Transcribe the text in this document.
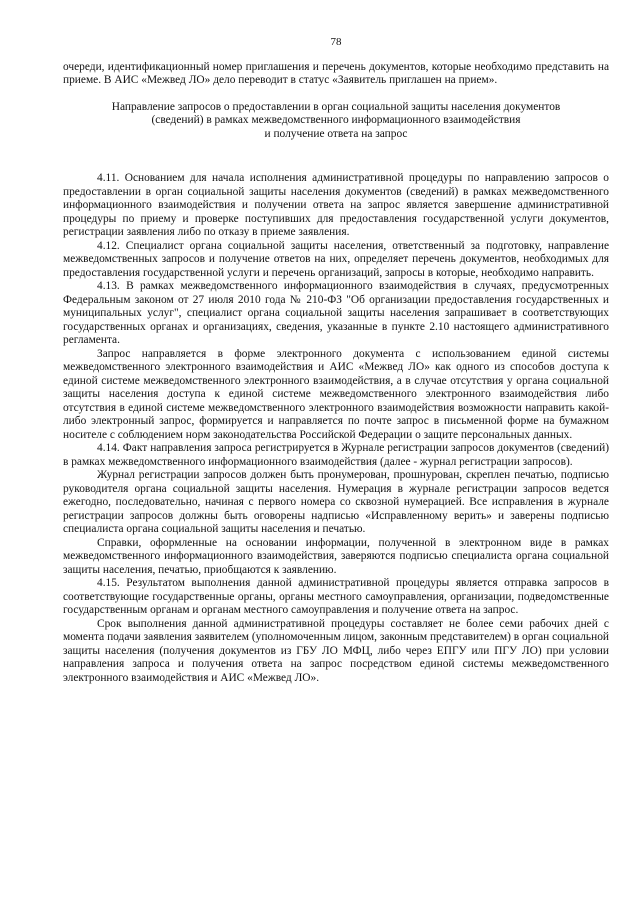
78

очереди, идентификационный номер приглашения и перечень документов, которые необходимо представить на приеме. В АИС «Межвед ЛО» дело переводит в статус «Заявитель приглашен на прием».

Направление запросов о предоставлении в орган социальной защиты населения документов
(сведений) в рамках межведомственного информационного взаимодействия
и получение ответа на запрос

4.11. Основанием для начала исполнения административной процедуры по направлению запросов о предоставлении в орган социальной защиты населения документов (сведений) в рамках межведомственного информационного взаимодействия и получении ответа на запрос является завершение административной процедуры по приему и проверке поступивших для предоставления государственной услуги документов, регистрации заявления либо по отказу в приеме заявления.

4.12. Специалист органа социальной защиты населения, ответственный за подготовку, направление межведомственных запросов и получение ответов на них, определяет перечень документов, необходимых для предоставления государственной услуги и перечень организаций, запросы в которые, необходимо направить.

4.13. В рамках межведомственного информационного взаимодействия в случаях, предусмотренных Федеральным законом от 27 июля 2010 года № 210-ФЗ "Об организации предоставления государственных и муниципальных услуг", специалист органа социальной защиты населения запрашивает в соответствующих государственных органах и организациях, сведения, указанные в пункте 2.10 настоящего административного регламента.

Запрос направляется в форме электронного документа с использованием единой системы межведомственного электронного взаимодействия и АИС «Межвед ЛО» как одного из способов доступа к единой системе межведомственного электронного взаимодействия, а в случае отсутствия у органа социальной защиты населения доступа к единой системе межведомственного электронного взаимодействия либо отсутствия в единой системе межведомственного электронного взаимодействия возможности направить какой-либо электронный запрос, формируется и направляется по почте запрос в письменной форме на бумажном носителе с соблюдением норм законодательства Российской Федерации о защите персональных данных.

4.14. Факт направления запроса регистрируется в Журнале регистрации запросов документов (сведений) в рамках межведомственного информационного взаимодействия (далее - журнал регистрации запросов).

Журнал регистрации запросов должен быть пронумерован, прошнурован, скреплен печатью, подписью руководителя органа социальной защиты населения. Нумерация в журнале регистрации запросов ведется ежегодно, последовательно, начиная с первого номера со сквозной нумерацией. Все исправления в журнале регистрации запросов должны быть оговорены надписью «Исправленному верить» и заверены подписью специалиста органа социальной защиты населения и печатью.

Справки, оформленные на основании информации, полученной в электронном виде в рамках межведомственного информационного взаимодействия, заверяются подписью специалиста органа социальной защиты населения, печатью, приобщаются к заявлению.

4.15. Результатом выполнения данной административной процедуры является отправка запросов в соответствующие государственные органы, органы местного самоуправления, организации, подведомственные государственным органам и органам местного самоуправления и получение ответа на запрос.

Срок выполнения данной административной процедуры составляет не более семи рабочих дней с момента подачи заявления заявителем (уполномоченным лицом, законным представителем) в орган социальной защиты населения (получения документов из ГБУ ЛО МФЦ, либо через ЕПГУ или ПГУ ЛО) при условии направления запроса и получения ответа на запрос посредством единой системы межведомственного электронного взаимодействия и АИС «Межвед ЛО».
